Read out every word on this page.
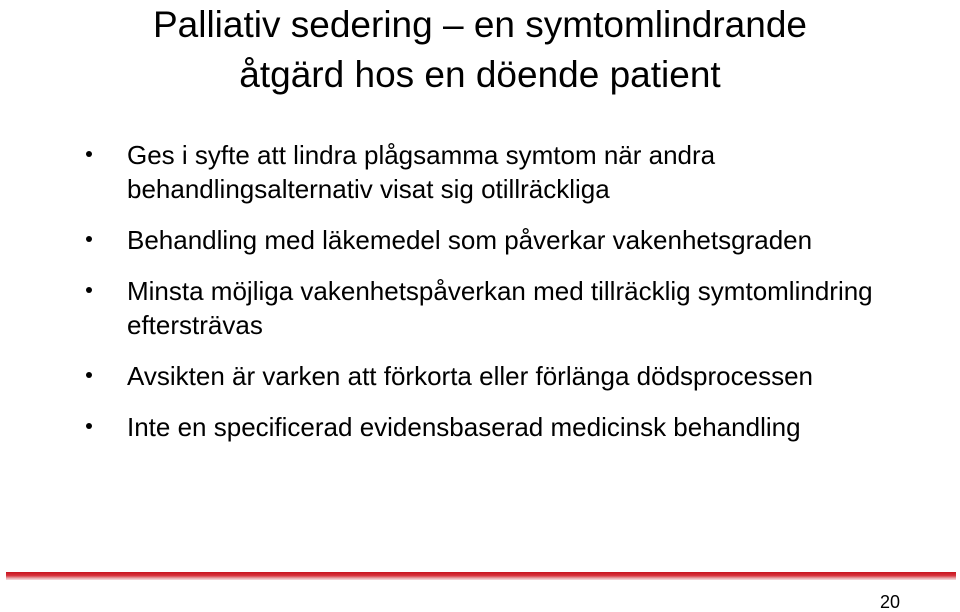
Palliativ sedering – en symtomlindrande
åtgärd hos en döende patient
Ges i syfte att lindra plågsamma symtom när andra behandlingsalternativ visat sig otillräckliga
Behandling med läkemedel som påverkar vakenhetsgraden
Minsta möjliga vakenhetspåverkan med tillräcklig symtomlindring eftersträvas
Avsikten är varken att förkorta eller förlänga dödsprocessen
Inte en specificerad evidensbaserad medicinsk behandling
20
